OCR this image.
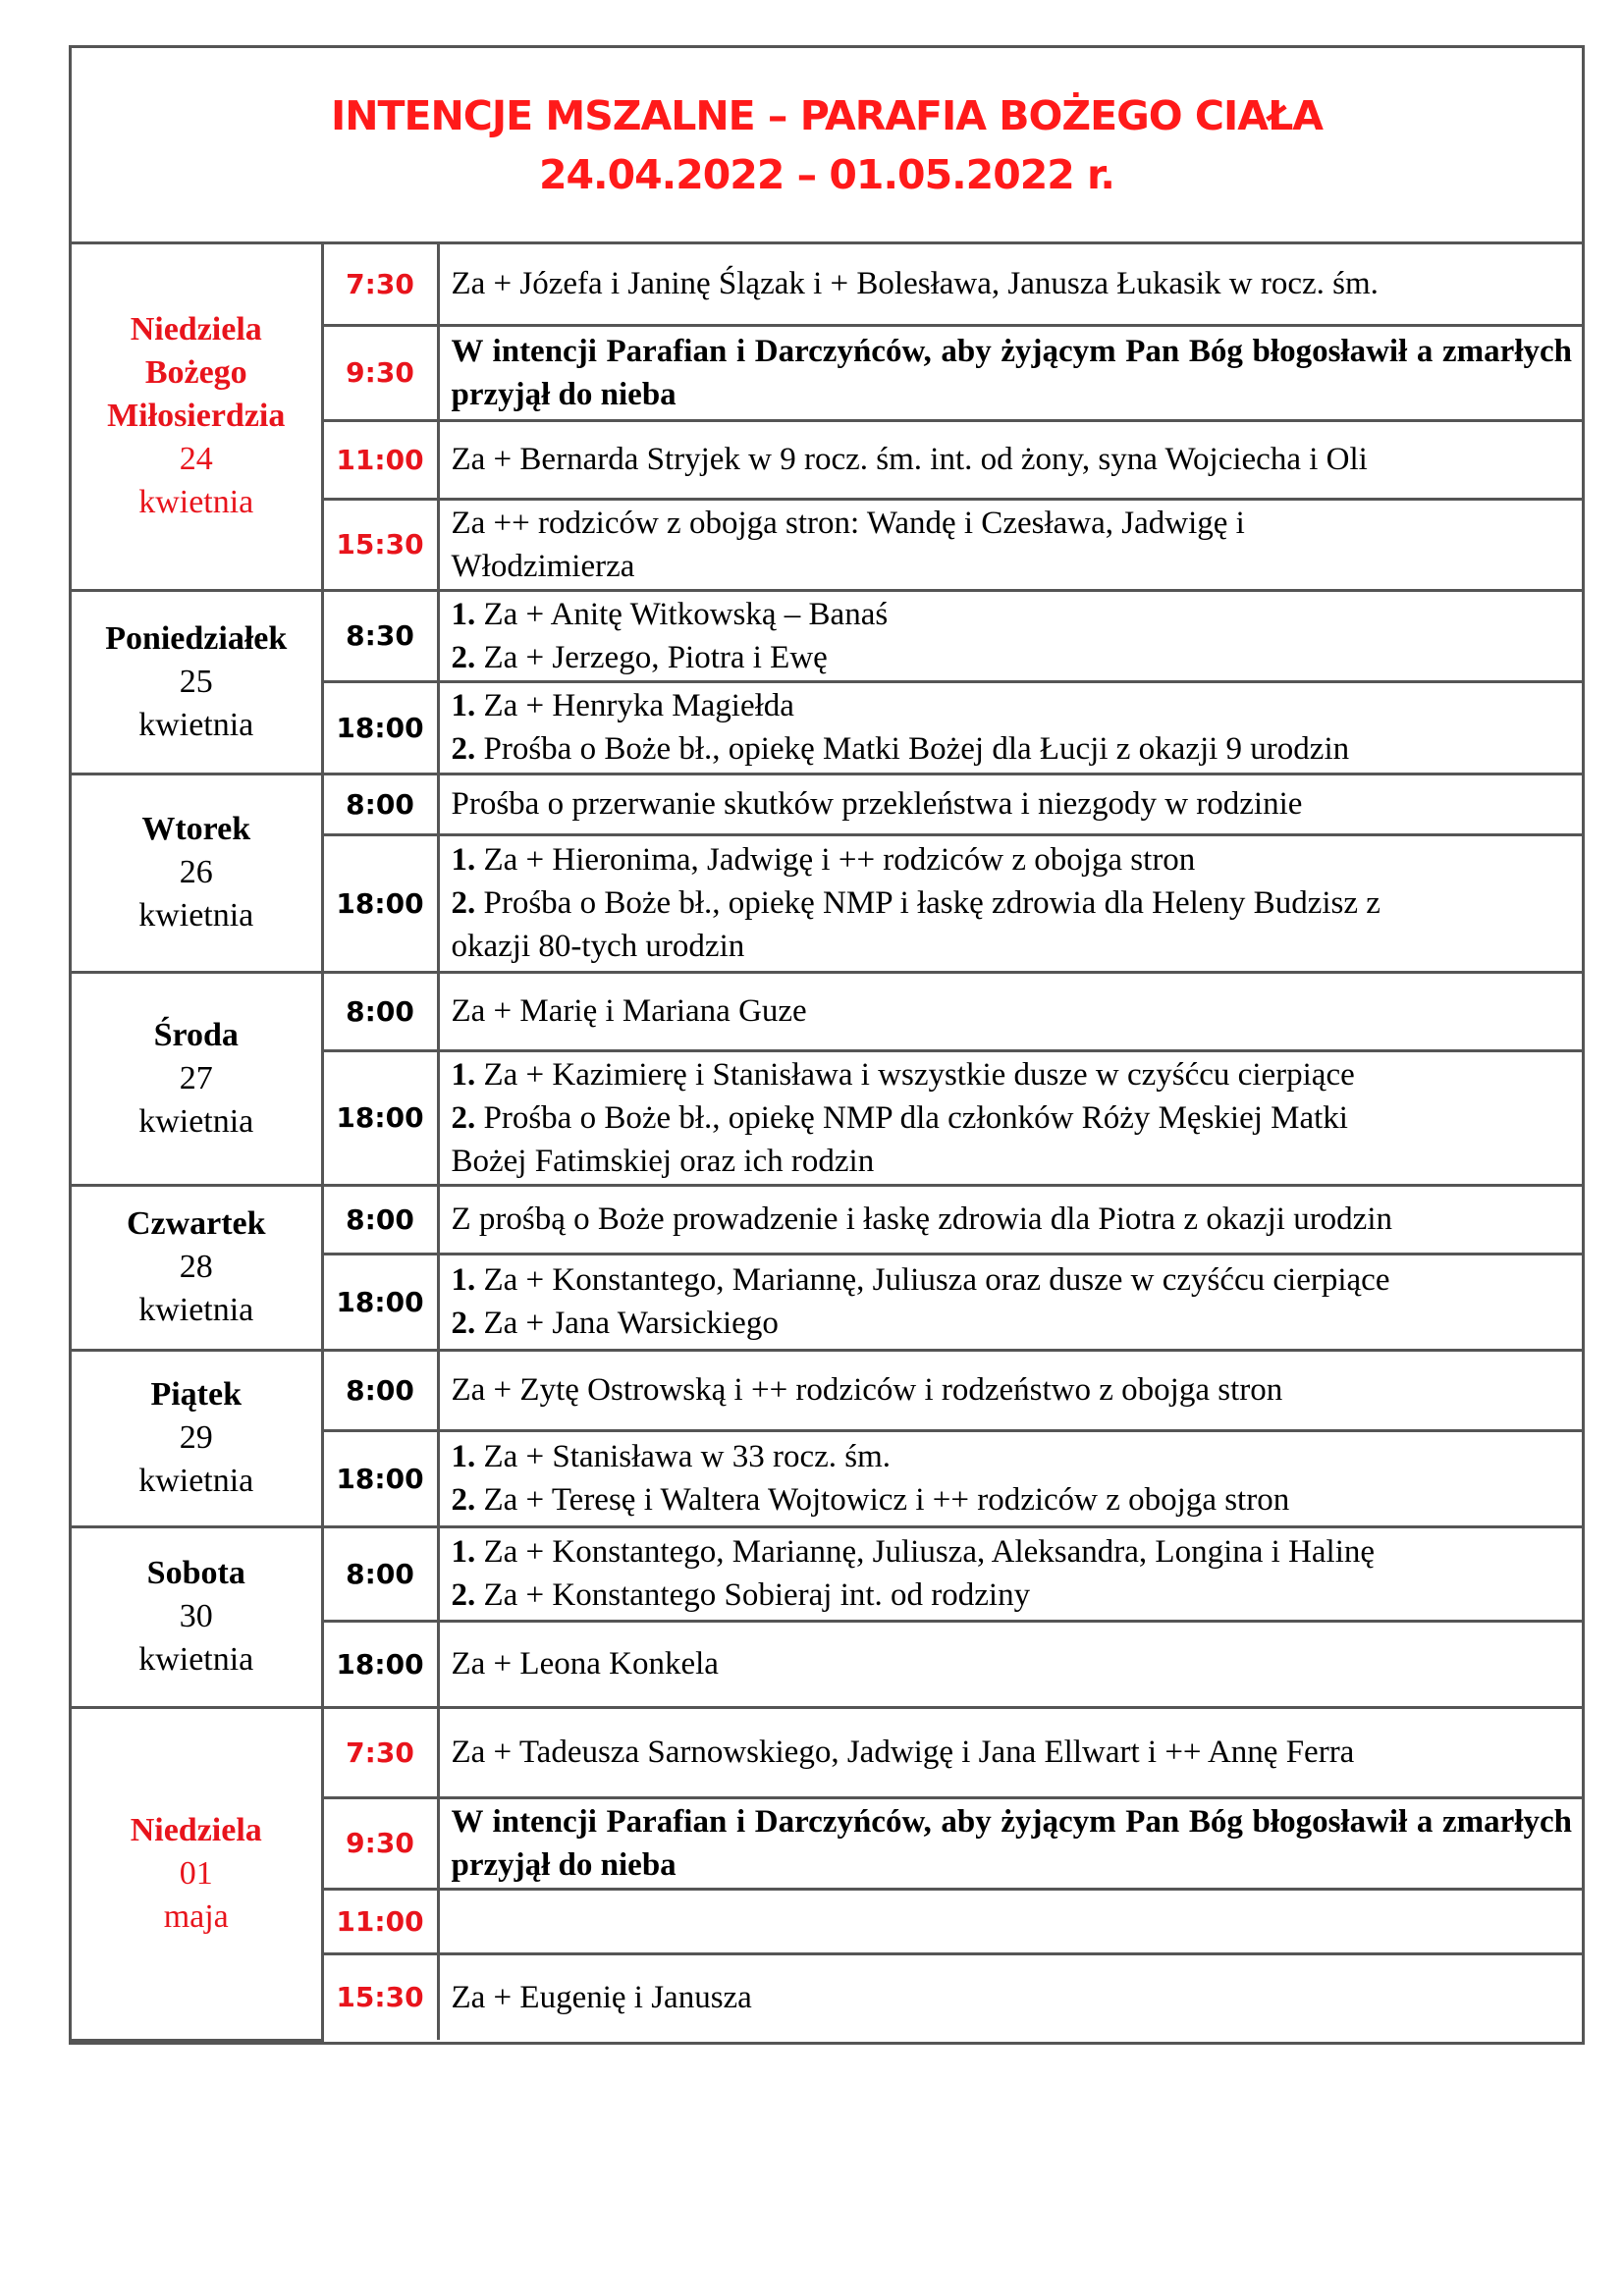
INTENCJE MSZALNE – PARAFIA BOŻEGO CIAŁA
24.04.2022 – 01.05.2022 r.
Niedziela
Bożego
Miłosierdzia
24
kwietnia	7:30	Za + Józefa i Janinę Ślązak i + Bolesława, Janusza Łukasik w rocz. śm.

	9:30	W intencji Parafian i Darczyńców, aby żyjącym Pan Bóg błogosławił a zmarłych przyjął do nieba
	11:00	Za + Bernarda Stryjek w 9 rocz. śm. int. od żony, syna Wojciecha i Oli

	15:30	Za ++ rodziców z obojga stron: Wandę i Czesława, Jadwigę i
Włodzimierza

Poniedziałek
25
kwietnia	8:30	1. Za + Anitę Witkowską – Banaś
2. Za + Jerzego, Piotra i Ewę

	18:00	1. Za + Henryka Magiełda
2. Prośba o Boże bł., opiekę Matki Bożej dla Łucji z okazji 9 urodzin

Wtorek
26
kwietnia	8:00	Prośba o przerwanie skutków przekleństwa i niezgody w rodzinie

	18:00	1. Za + Hieronima, Jadwigę i ++ rodziców z obojga stron
2. Prośba o Boże bł., opiekę NMP i łaskę zdrowia dla Heleny Budzisz z
okazji 80-tych urodzin

Środa
27
kwietnia	8:00	Za + Marię i Mariana Guze

	18:00	1. Za + Kazimierę i Stanisława i wszystkie dusze w czyśćcu cierpiące
2. Prośba o Boże bł., opiekę NMP dla członków Róży Męskiej Matki
Bożej Fatimskiej oraz ich rodzin

Czwartek
28
kwietnia	8:00	Z prośbą o Boże prowadzenie i łaskę zdrowia dla Piotra z okazji urodzin

	18:00	1. Za + Konstantego, Mariannę, Juliusza oraz dusze w czyśćcu cierpiące
2. Za + Jana Warsickiego

Piątek
29
kwietnia	8:00	Za + Zytę Ostrowską i ++ rodziców i rodzeństwo z obojga stron

	18:00	1. Za + Stanisława w 33 rocz. śm.
2. Za + Teresę i Waltera Wojtowicz i ++ rodziców z obojga stron

Sobota
30
kwietnia	8:00	1. Za + Konstantego, Mariannę, Juliusza, Aleksandra, Longina i Halinę
2. Za + Konstantego Sobieraj int. od rodziny

	18:00	Za + Leona Konkela

Niedziela
01
maja	7:30	Za + Tadeusza Sarnowskiego, Jadwigę i Jana Ellwart i ++ Annę Ferra

	9:30	W intencji Parafian i Darczyńców, aby żyjącym Pan Bóg błogosławił a zmarłych przyjął do nieba
	11:00	
	15:30	Za + Eugenię i Janusza
